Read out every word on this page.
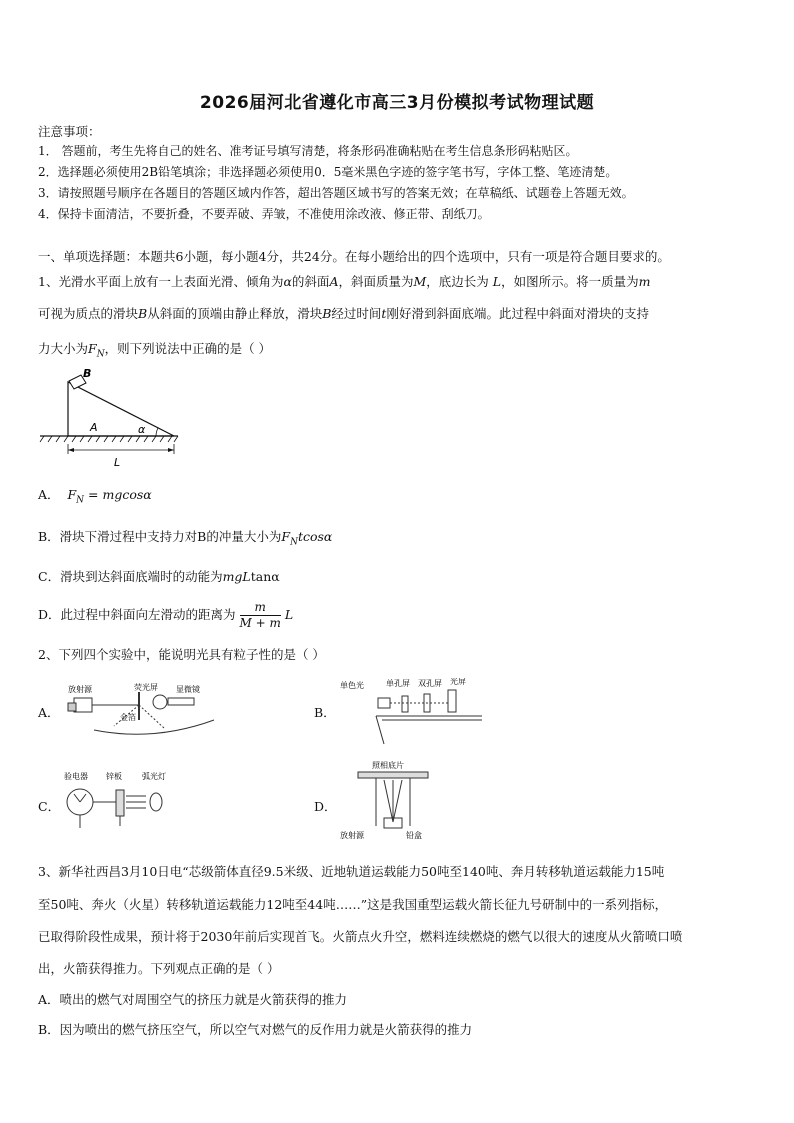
2026届河北省遵化市高三3月份模拟考试物理试题
注意事项：
1． 答题前，考生先将自己的姓名、准考证号填写清楚，将条形码准确粘贴在考生信息条形码粘贴区。
2．选择题必须使用2B铅笔填涂；非选择题必须使用0．5毫米黑色字迹的签字笔书写，字体工整、笔迹清楚。
3．请按照题号顺序在各题目的答题区域内作答，超出答题区域书写的答案无效；在草稿纸、试题卷上答题无效。
4．保持卡面清洁，不要折叠，不要弄破、弄皱，不准使用涂改液、修正带、刮纸刀。
一、单项选择题：本题共6小题，每小题4分，共24分。在每小题给出的四个选项中，只有一项是符合题目要求的。
1、光滑水平面上放有一上表面光滑、倾角为α的斜面A，斜面质量为M，底边长为 L，如图所示。将一质量为m
可视为质点的滑块B从斜面的顶端由静止释放，滑块B经过时间t刚好滑到斜面底端。此过程中斜面对滑块的支持
力大小为$F_N$，则下列说法中正确的是（ ）
B
A	α
L
A． $F_N = mgcos\alpha$
B．滑块下滑过程中支持力对B的冲量大小为$F_Ntcos\alpha$
C．滑块到达斜面底端时的动能为mgLtanα
D．此过程中斜面向左滑动的距离为 $\frac{m}{M + m}$ L
2、下列四个实验中，能说明光具有粒子性的是（ ）
A．
放射源
金箔
荧光屏 显微镜
B．
单色光	单孔屏 双孔屏 光屏
C．
验电器 锌板	弧光灯
D．
照相底片
放射源	铅盒
3、新华社西昌3月10日电“芯级箭体直径9.5米级、近地轨道运载能力50吨至140吨、奔月转移轨道运载能力15吨
至50吨、奔火（火星）转移轨道运载能力12吨至44吨……”这是我国重型运载火箭长征九号研制中的一系列指标，
已取得阶段性成果，预计将于2030年前后实现首飞。火箭点火升空，燃料连续燃烧的燃气以很大的速度从火箭喷口喷
出，火箭获得推力。下列观点正确的是（ ）
A．喷出的燃气对周围空气的挤压力就是火箭获得的推力
B．因为喷出的燃气挤压空气，所以空气对燃气的反作用力就是火箭获得的推力
